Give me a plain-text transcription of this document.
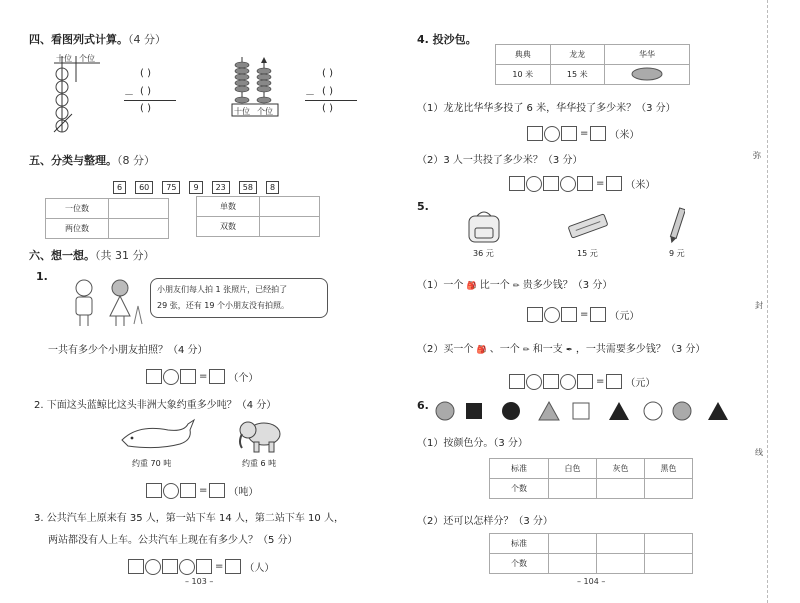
四、看图列式计算。（4 分）
十位 个位
( )
－ ( )
( )	十位 个位
( )
－ ( )
( )
五、分类与整理。（8 分）
6 60 75 9 23 58 8
一位数	
两位数	
单数	
双数	
六、想一想。（共 31 分）
1.
小朋友们每人拍 1 张照片，已经拍了
29 张，还有 19 个小朋友没有拍照。
一共有多少个小朋友拍照？（4 分）
= （个）
2. 下面这头蓝鲸比这头非洲大象约重多少吨？（4 分）
约重 70 吨	约重 6 吨
= （吨）
3. 公共汽车上原来有 35 人，第一站下车 14 人，第二站下车 10 人，
两站都没有人上车。公共汽车上现在有多少人？（5 分）
= （人）
– 103 –
4. 投沙包。
典典	龙龙	华华
10 米	15 米	
（1）龙龙比华华多投了 6 米，华华投了多少米？（3 分）
= （米）
（2）3 人一共投了多少米？（3 分）
= （米）
5.
36 元	15 元	9 元
（1）一个 🎒 比一个 ✏ 贵多少钱？（3 分）
= （元）
（2）买一个 🎒 、一个 ✏ 和一支 ✒ ，一共需要多少钱？（3 分）
= （元）
6.
（1）按颜色分。（3 分）
标准	白色	灰色	黑色
个数			
（2）还可以怎样分？（3 分）
标准			
个数			
– 104 –
弥
封
线
